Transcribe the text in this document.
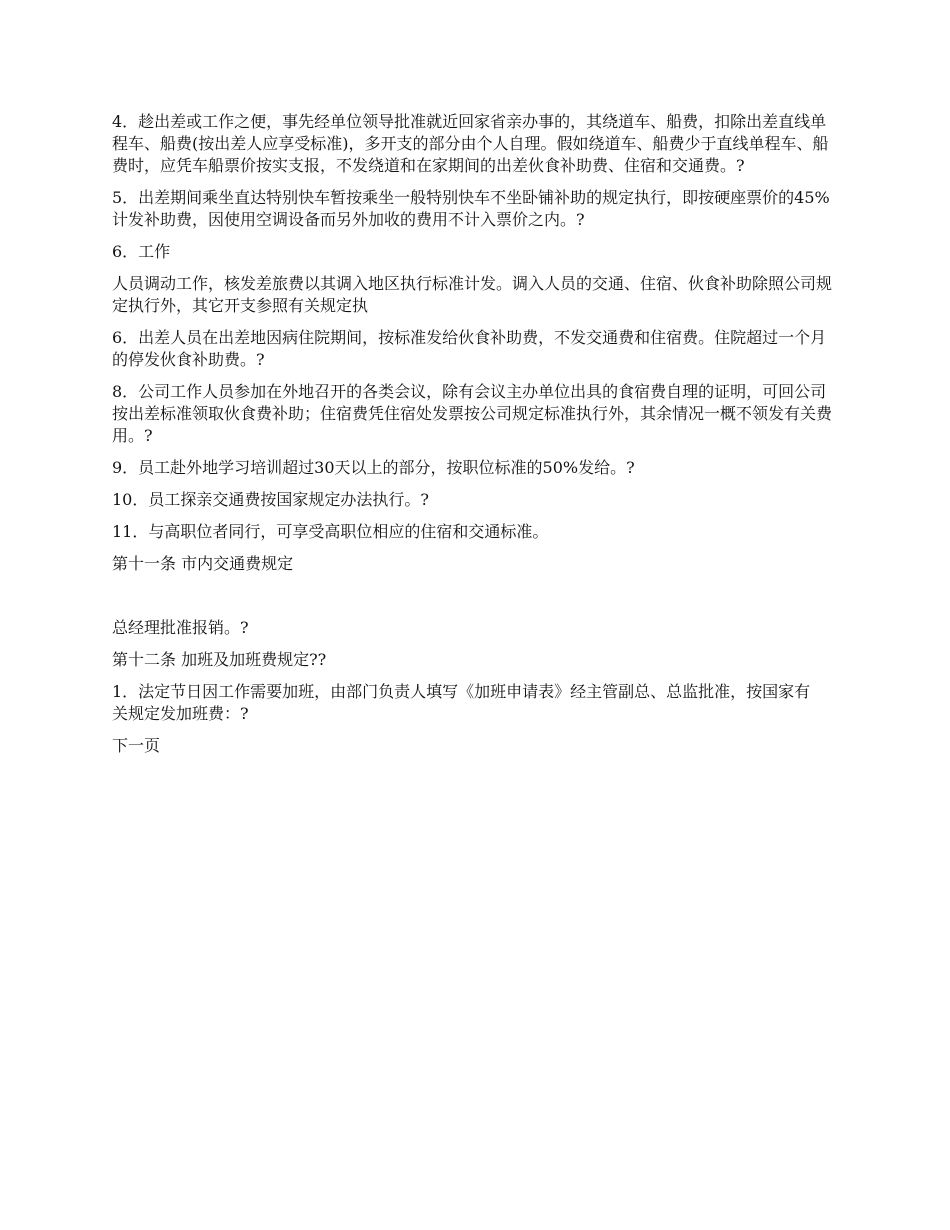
4．趁出差或工作之便，事先经单位领导批准就近回家省亲办事的，其绕道车、船费，扣除出差直线单程车、船费(按出差人应享受标准)，多开支的部分由个人自理。假如绕道车、船费少于直线单程车、船费时，应凭车船票价按实支报，不发绕道和在家期间的出差伙食补助费、住宿和交通费。?

5．出差期间乘坐直达特别快车暂按乘坐一般特别快车不坐卧铺补助的规定执行，即按硬座票价的45%计发补助费，因使用空调设备而另外加收的费用不计入票价之内。?

6．工作

人员调动工作，核发差旅费以其调入地区执行标准计发。调入人员的交通、住宿、伙食补助除照公司规定执行外，其它开支参照有关规定执

6．出差人员在出差地因病住院期间，按标准发给伙食补助费，不发交通费和住宿费。住院超过一个月的停发伙食补助费。?

8．公司工作人员参加在外地召开的各类会议，除有会议主办单位出具的食宿费自理的证明，可回公司按出差标准领取伙食费补助；住宿费凭住宿处发票按公司规定标准执行外，其余情况一概不领发有关费用。?

9．员工赴外地学习培训超过30天以上的部分，按职位标准的50%发给。?

10．员工探亲交通费按国家规定办法执行。?

11．与高职位者同行，可享受高职位相应的住宿和交通标准。

第十一条 市内交通费规定

总经理批准报销。?

第十二条 加班及加班费规定??

1．法定节日因工作需要加班，由部门负责人填写《加班申请表》经主管副总、总监批准，按国家有关规定发加班费：?

下一页
